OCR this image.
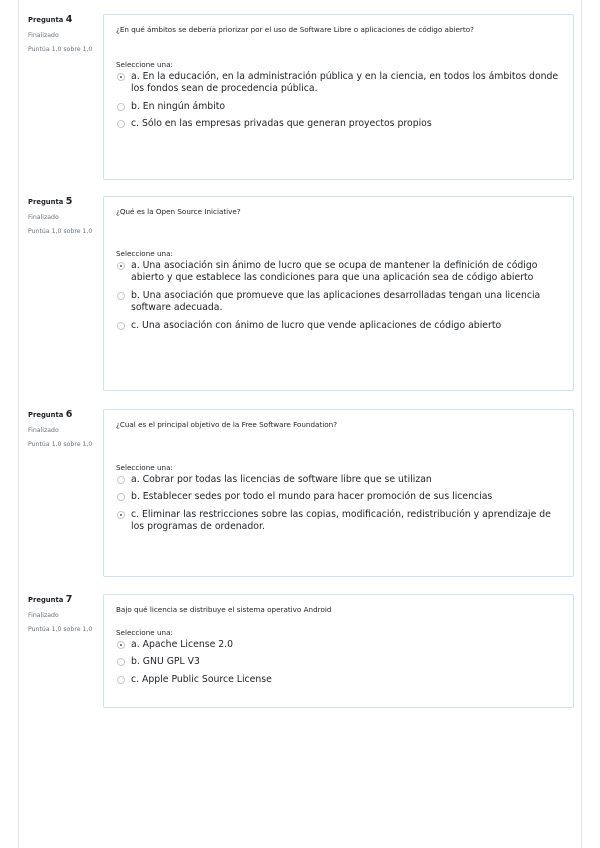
Pregunta 4
Finalizado
Puntúa 1,0 sobre 1,0
¿En qué ámbitos se debería priorizar por el uso de Software Libre o aplicaciones de código abierto?
Seleccione una:
a. En la educación, en la administración pública y en la ciencia, en todos los ámbitos donde los fondos sean de procedencia pública.
b. En ningún ámbito
c. Sólo en las empresas privadas que generan proyectos propios
Pregunta 5
Finalizado
Puntúa 1,0 sobre 1,0
¿Qué es la Open Source Iniciative?
Seleccione una:
a. Una asociación sin ánimo de lucro que se ocupa de mantener la definición de código abierto y que establece las condiciones para que una aplicación sea de código abierto
b. Una asociación que promueve que las aplicaciones desarrolladas tengan una licencia software adecuada.
c. Una asociación con ánimo de lucro que vende aplicaciones de código abierto
Pregunta 6
Finalizado
Puntúa 1,0 sobre 1,0
¿Cual es el principal objetivo de la Free Software Foundation?
Seleccione una:
a. Cobrar por todas las licencias de software libre que se utilizan
b. Establecer sedes por todo el mundo para hacer promoción de sus licencias
c. Eliminar las restricciones sobre las copias, modificación, redistribución y aprendizaje de los programas de ordenador.
Pregunta 7
Finalizado
Puntúa 1,0 sobre 1,0
Bajo qué licencia se distribuye el sistema operativo Android
Seleccione una:
a. Apache License 2.0
b. GNU GPL V3
c. Apple Public Source License
